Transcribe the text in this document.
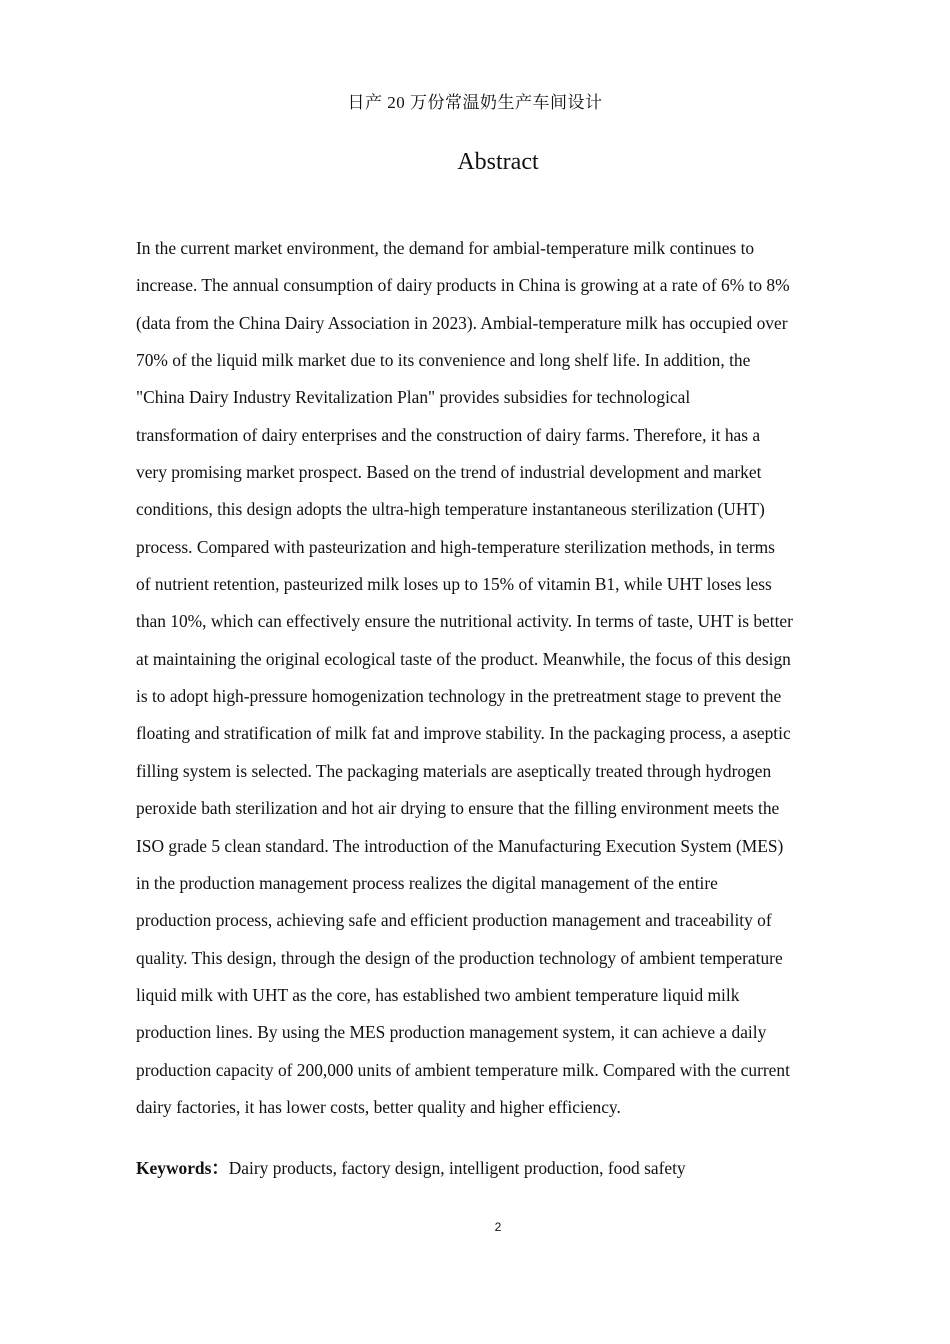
日产 20 万份常温奶生产车间设计
Abstract
In the current market environment, the demand for ambial-temperature milk continues to
increase. The annual consumption of dairy products in China is growing at a rate of 6% to 8%
(data from the China Dairy Association in 2023). Ambial-temperature milk has occupied over
70% of the liquid milk market due to its convenience and long shelf life. In addition, the
"China Dairy Industry Revitalization Plan" provides subsidies for technological
transformation of dairy enterprises and the construction of dairy farms. Therefore, it has a
very promising market prospect. Based on the trend of industrial development and market
conditions, this design adopts the ultra-high temperature instantaneous sterilization (UHT)
process. Compared with pasteurization and high-temperature sterilization methods, in terms
of nutrient retention, pasteurized milk loses up to 15% of vitamin B1, while UHT loses less
than 10%, which can effectively ensure the nutritional activity. In terms of taste, UHT is better
at maintaining the original ecological taste of the product. Meanwhile, the focus of this design
is to adopt high-pressure homogenization technology in the pretreatment stage to prevent the
floating and stratification of milk fat and improve stability. In the packaging process, a aseptic
filling system is selected. The packaging materials are aseptically treated through hydrogen
peroxide bath sterilization and hot air drying to ensure that the filling environment meets the
ISO grade 5 clean standard. The introduction of the Manufacturing Execution System (MES)
in the production management process realizes the digital management of the entire
production process, achieving safe and efficient production management and traceability of
quality. This design, through the design of the production technology of ambient temperature
liquid milk with UHT as the core, has established two ambient temperature liquid milk
production lines. By using the MES production management system, it can achieve a daily
production capacity of 200,000 units of ambient temperature milk. Compared with the current
dairy factories, it has lower costs, better quality and higher efficiency.
Keywords：Dairy products, factory design, intelligent production, food safety
2
